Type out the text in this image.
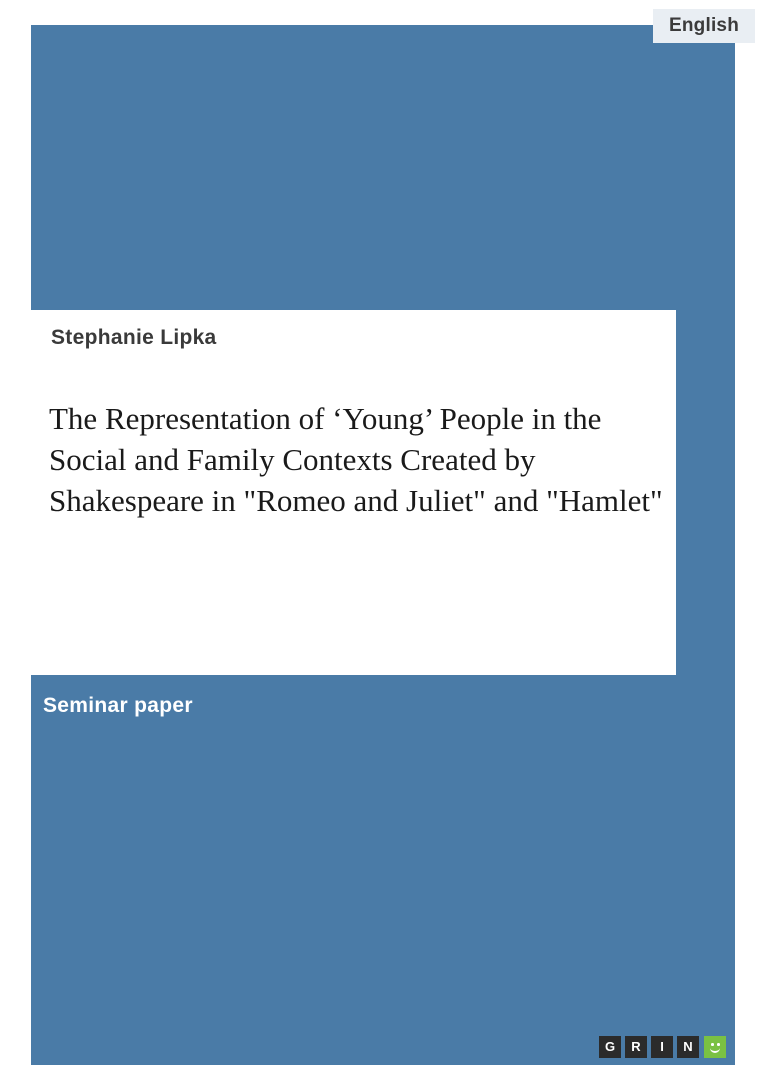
English
Stephanie Lipka
The Representation of ‘Young’ People in the Social and Family Contexts Created by Shakespeare in "Romeo and Juliet" and "Hamlet"
Seminar paper
G	R	I	N
